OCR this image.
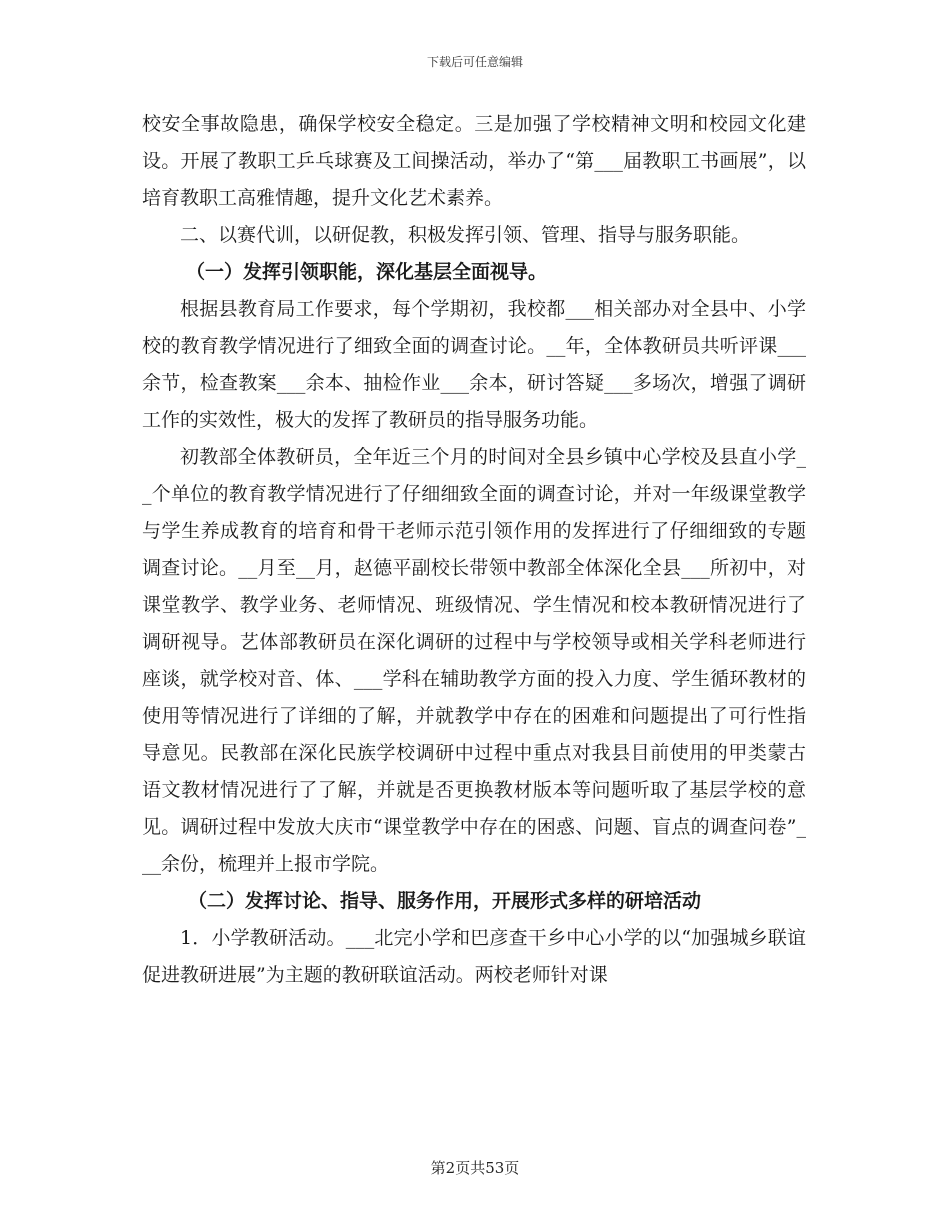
下载后可任意编辑

校安全事故隐患，确保学校安全稳定。三是加强了学校精神文明和校园文化建设。开展了教职工乒乓球赛及工间操活动，举办了“第___届教职工书画展”，以培育教职工高雅情趣，提升文化艺术素养。

二、以赛代训，以研促教，积极发挥引领、管理、指导与服务职能。

（一）发挥引领职能，深化基层全面视导。

根据县教育局工作要求，每个学期初，我校都___相关部办对全县中、小学校的教育教学情况进行了细致全面的调查讨论。__年，全体教研员共听评课___余节，检查教案___余本、抽检作业___余本，研讨答疑___多场次，增强了调研工作的实效性，极大的发挥了教研员的指导服务功能。

初教部全体教研员，全年近三个月的时间对全县乡镇中心学校及县直小学__个单位的教育教学情况进行了仔细细致全面的调查讨论，并对一年级课堂教学与学生养成教育的培育和骨干老师示范引领作用的发挥进行了仔细细致的专题调查讨论。__月至__月，赵德平副校长带领中教部全体深化全县___所初中，对课堂教学、教学业务、老师情况、班级情况、学生情况和校本教研情况进行了调研视导。艺体部教研员在深化调研的过程中与学校领导或相关学科老师进行座谈，就学校对音、体、___学科在辅助教学方面的投入力度、学生循环教材的使用等情况进行了详细的了解，并就教学中存在的困难和问题提出了可行性指导意见。民教部在深化民族学校调研中过程中重点对我县目前使用的甲类蒙古语文教材情况进行了了解，并就是否更换教材版本等问题听取了基层学校的意见。调研过程中发放大庆市“课堂教学中存在的困惑、问题、盲点的调查问卷”___余份，梳理并上报市学院。

（二）发挥讨论、指导、服务作用，开展形式多样的研培活动

1．小学教研活动。___北完小学和巴彦查干乡中心小学的以“加强城乡联谊 促进教研进展”为主题的教研联谊活动。两校老师针对课

第2页共53页
